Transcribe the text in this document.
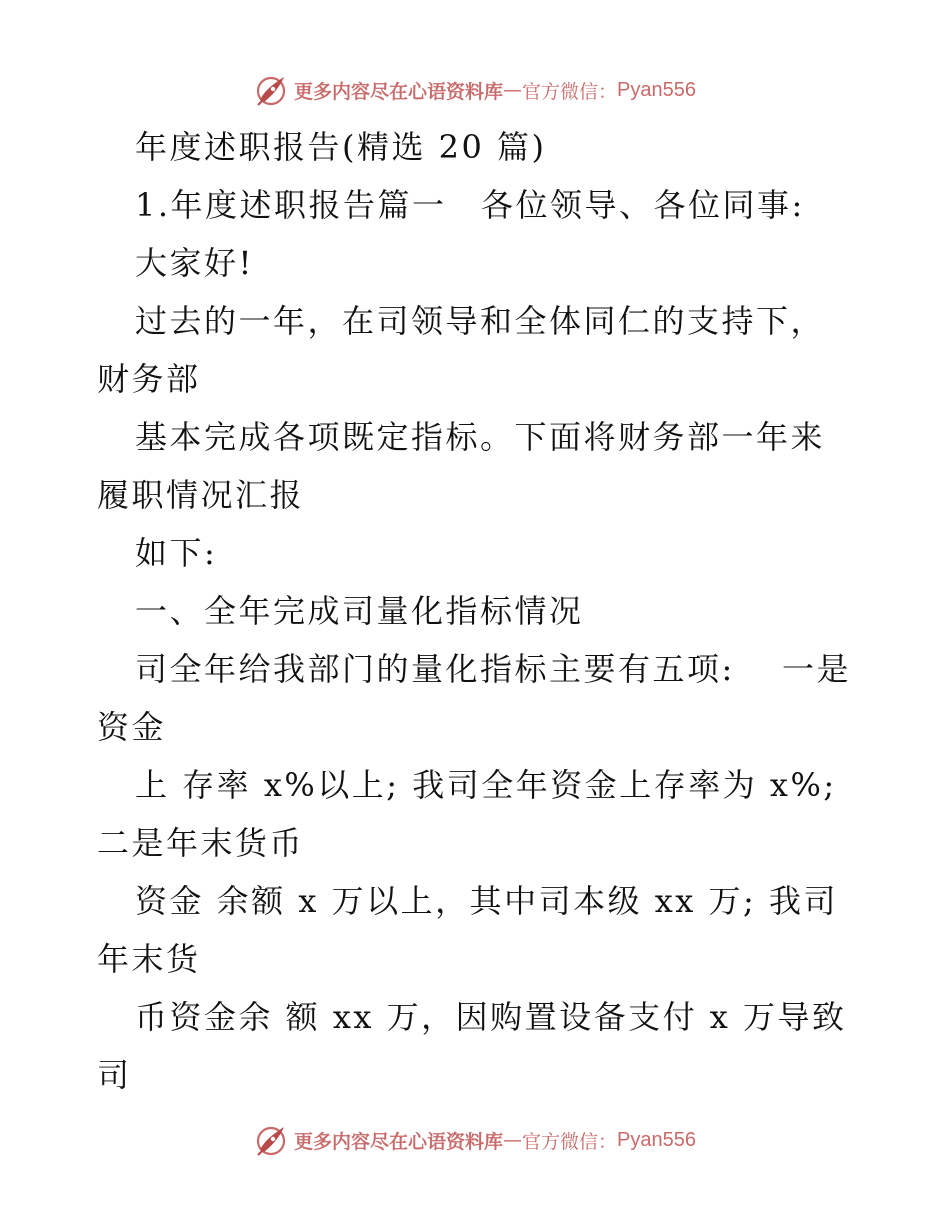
更多内容尽在心语资料库 — 官方微信： Pyan556

年度述职报告(精选 20 篇)

1.年度述职报告篇一　各位领导、各位同事:

大家好!

过去的一年，在司领导和全体同仁的支持下，财务部

基本完成各项既定指标。下面将财务部一年来履职情况汇报

如下:

一、全年完成司量化指标情况

司全年给我部门的量化指标主要有五项:　 一是资金

上 存率 x%以上; 我司全年资金上存率为 x%;二是年末货币

资金 余额 x 万以上，其中司本级 xx 万; 我司年末货

币资金余 额 xx 万，因购置设备支付 x 万导致司

更多内容尽在心语资料库 — 官方微信： Pyan556
